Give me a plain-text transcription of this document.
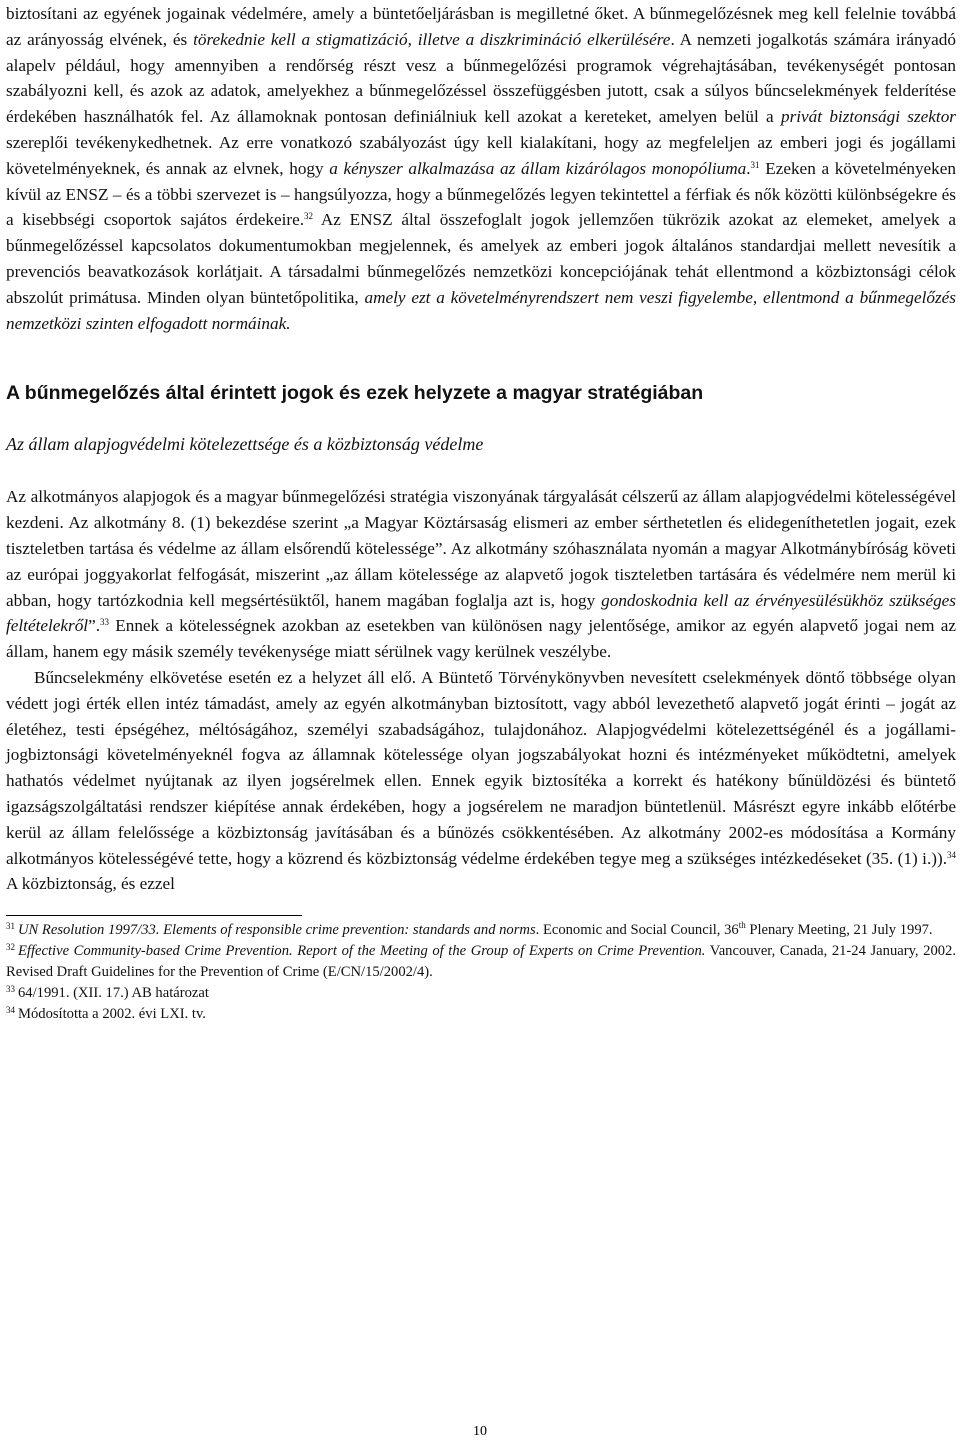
biztosítani az egyének jogainak védelmére, amely a büntetőeljárásban is megilletné őket. A bűnmegelőzésnek meg kell felelnie továbbá az arányosság elvének, és törekednie kell a stigmatizáció, illetve a diszkrimináció elkerülésére. A nemzeti jogalkotás számára irányadó alapelv például, hogy amennyiben a rendőrség részt vesz a bűnmegelőzési programok végrehajtásában, tevékenységét pontosan szabályozni kell, és azok az adatok, amelyekhez a bűnmegelőzéssel összefüggésben jutott, csak a súlyos bűncselekmények felderítése érdekében használhatók fel. Az államoknak pontosan definiálniuk kell azokat a kereteket, amelyen belül a privát biztonsági szektor szereplői tevékenykedhetnek. Az erre vonatkozó szabályozást úgy kell kialakítani, hogy az megfeleljen az emberi jogi és jogállami követelményeknek, és annak az elvnek, hogy a kényszer alkalmazása az állam kizárólagos monopóliuma.$^{31}$ Ezeken a követelményeken kívül az ENSZ – és a többi szervezet is – hangsúlyozza, hogy a bűnmegelőzés legyen tekintettel a férfiak és nők közötti különbségekre és a kisebbségi csoportok sajátos érdekeire.$^{32}$ Az ENSZ által összefoglalt jogok jellemzően tükrözik azokat az elemeket, amelyek a bűnmegelőzéssel kapcsolatos dokumentumokban megjelennek, és amelyek az emberi jogok általános standardjai mellett nevesítik a prevenciós beavatkozások korlátjait. A társadalmi bűnmegelőzés nemzetközi koncepciójának tehát ellentmond a közbiztonsági célok abszolút primátusa. Minden olyan büntetőpolitika, amely ezt a követelményrendszert nem veszi figyelembe, ellentmond a bűnmegelőzés nemzetközi szinten elfogadott normáinak.

A bűnmegelőzés által érintett jogok és ezek helyzete a magyar stratégiában
Az állam alapjogvédelmi kötelezettsége és a közbiztonság védelme

Az alkotmányos alapjogok és a magyar bűnmegelőzési stratégia viszonyának tárgyalását célszerű az állam alapjogvédelmi kötelességével kezdeni. Az alkotmány 8. (1) bekezdése szerint „a Magyar Köztársaság elismeri az ember sérthetetlen és elidegeníthetetlen jogait, ezek tiszteletben tartása és védelme az állam elsőrendű kötelessége”. Az alkotmány szóhasználata nyomán a magyar Alkotmánybíróság követi az európai joggyakorlat felfogását, miszerint „az állam kötelessége az alapvető jogok tiszteletben tartására és védelmére nem merül ki abban, hogy tartózkodnia kell megsértésüktől, hanem magában foglalja azt is, hogy gondoskodnia kell az érvényesülésükhöz szükséges feltételekről”.$^{33}$ Ennek a kötelességnek azokban az esetekben van különösen nagy jelentősége, amikor az egyén alapvető jogai nem az állam, hanem egy másik személy tevékenysége miatt sérülnek vagy kerülnek veszélybe.

Bűncselekmény elkövetése esetén ez a helyzet áll elő. A Büntető Törvénykönyvben nevesített cselekmények döntő többsége olyan védett jogi érték ellen intéz támadást, amely az egyén alkotmányban biztosított, vagy abból levezethető alapvető jogát érinti – jogát az életéhez, testi épségéhez, méltóságához, személyi szabadságához, tulajdonához. Alapjogvédelmi kötelezettségénél és a jogállami-jogbiztonsági követelményeknél fogva az államnak kötelessége olyan jogszabályokat hozni és intézményeket működtetni, amelyek hathatós védelmet nyújtanak az ilyen jogsérelmek ellen. Ennek egyik biztosítéka a korrekt és hatékony bűnüldözési és büntető igazságszolgáltatási rendszer kiépítése annak érdekében, hogy a jogsérelem ne maradjon büntetlenül. Másrészt egyre inkább előtérbe kerül az állam felelőssége a közbiztonság javításában és a bűnözés csökkentésében. Az alkotmány 2002-es módosítása a Kormány alkotmányos kötelességévé tette, hogy a közrend és közbiztonság védelme érdekében tegye meg a szükséges intézkedéseket (35. (1) i.)).$^{34}$ A közbiztonság, és ezzel

$^{31}$ UN Resolution 1997/33. Elements of responsible crime prevention: standards and norms. Economic and Social Council, 36th Plenary Meeting, 21 July 1997.

$^{32}$ Effective Community-based Crime Prevention. Report of the Meeting of the Group of Experts on Crime Prevention. Vancouver, Canada, 21-24 January, 2002. Revised Draft Guidelines for the Prevention of Crime (E/CN/15/2002/4).

$^{33}$ 64/1991. (XII. 17.) AB határozat

$^{34}$ Módosította a 2002. évi LXI. tv.

10
